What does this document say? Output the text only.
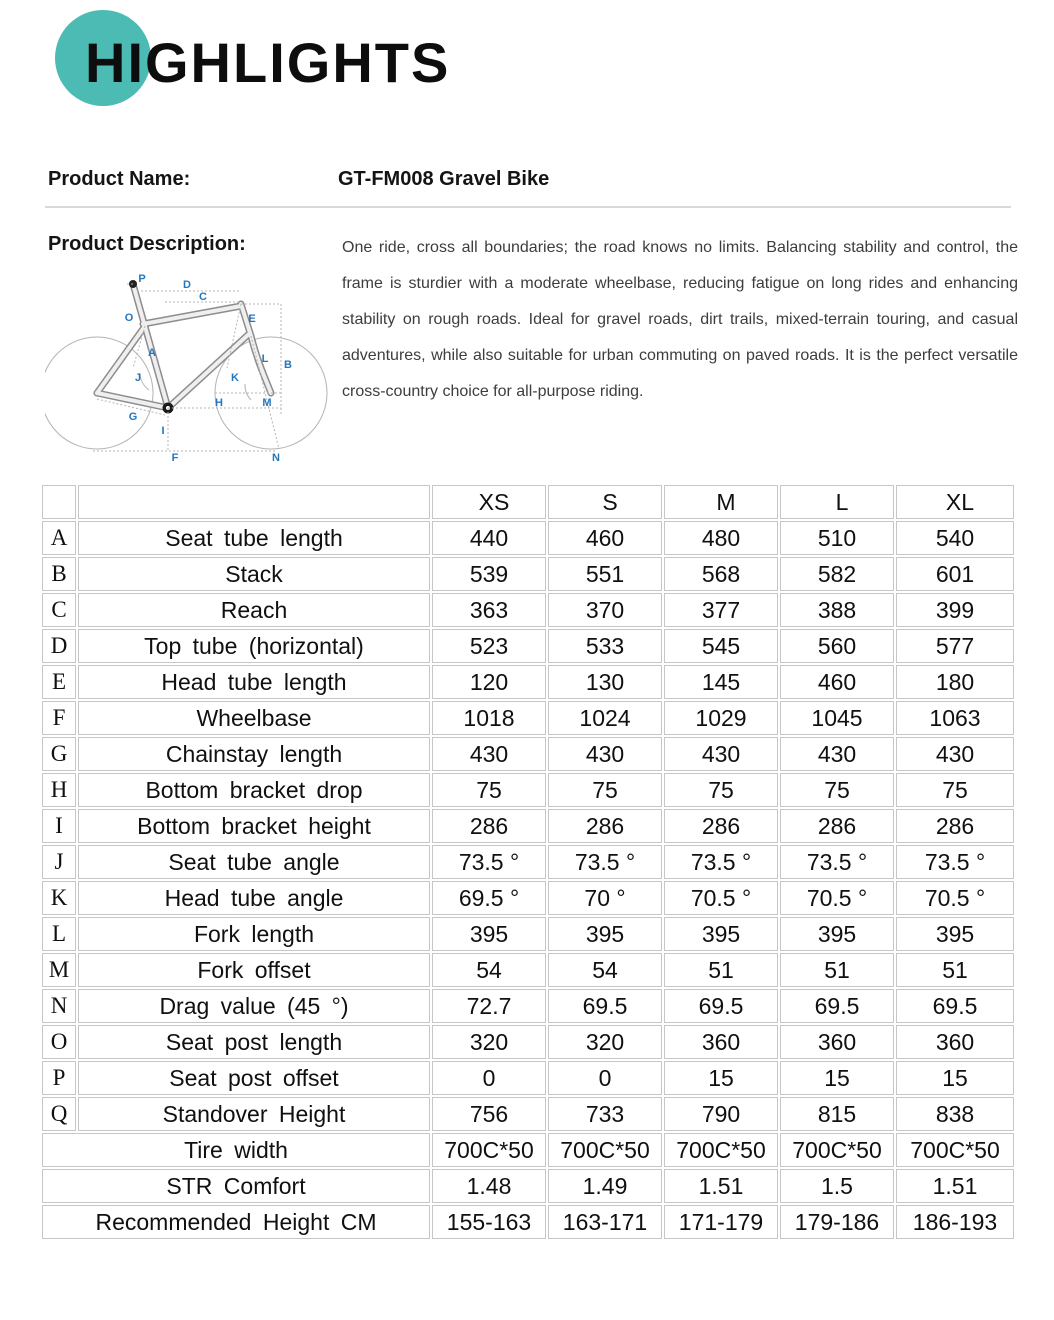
HIGHLIGHTS
Product Name:	GT-FM008 Gravel Bike
Product Description:	One ride, cross all boundaries; the road knows no limits. Balancing stability and control, the frame is sturdier with a moderate wheelbase, reducing fatigue on long rides and enhancing stability on rough roads. Ideal for gravel roads, dirt trails, mixed-terrain touring, and casual adventures, while also suitable for urban commuting on paved roads. It is the perfect versatile cross-country choice for all-purpose riding.
P	D
C
O	E
A
B
L
J	K
H	M
G
I
F	N
		XS	S	M	L	XL
A	Seat tube length	440	460	480	510	540
B	Stack	539	551	568	582	601
C	Reach	363	370	377	388	399
D	Top tube (horizontal)	523	533	545	560	577
E	Head tube length	120	130	145	460	180
F	Wheelbase	1018	1024	1029	1045	1063
G	Chainstay length	430	430	430	430	430
H	Bottom bracket drop	75	75	75	75	75
I	Bottom bracket height	286	286	286	286	286
J	Seat tube angle	73.5 °	73.5 °	73.5 °	73.5 °	73.5 °
K	Head tube angle	69.5 °	70 °	70.5 °	70.5 °	70.5 °
L	Fork length	395	395	395	395	395
M	Fork offset	54	54	51	51	51
N	Drag value (45 °)	72.7	69.5	69.5	69.5	69.5
O	Seat post length	320	320	360	360	360
P	Seat post offset	0	0	15	15	15
Q	Standover Height	756	733	790	815	838
Tire width		700C*50	700C*50	700C*50	700C*50	700C*50
STR Comfort		1.48	1.49	1.51	1.5	1.51
Recommended Height CM		155-163	163-171	171-179	179-186	186-193
